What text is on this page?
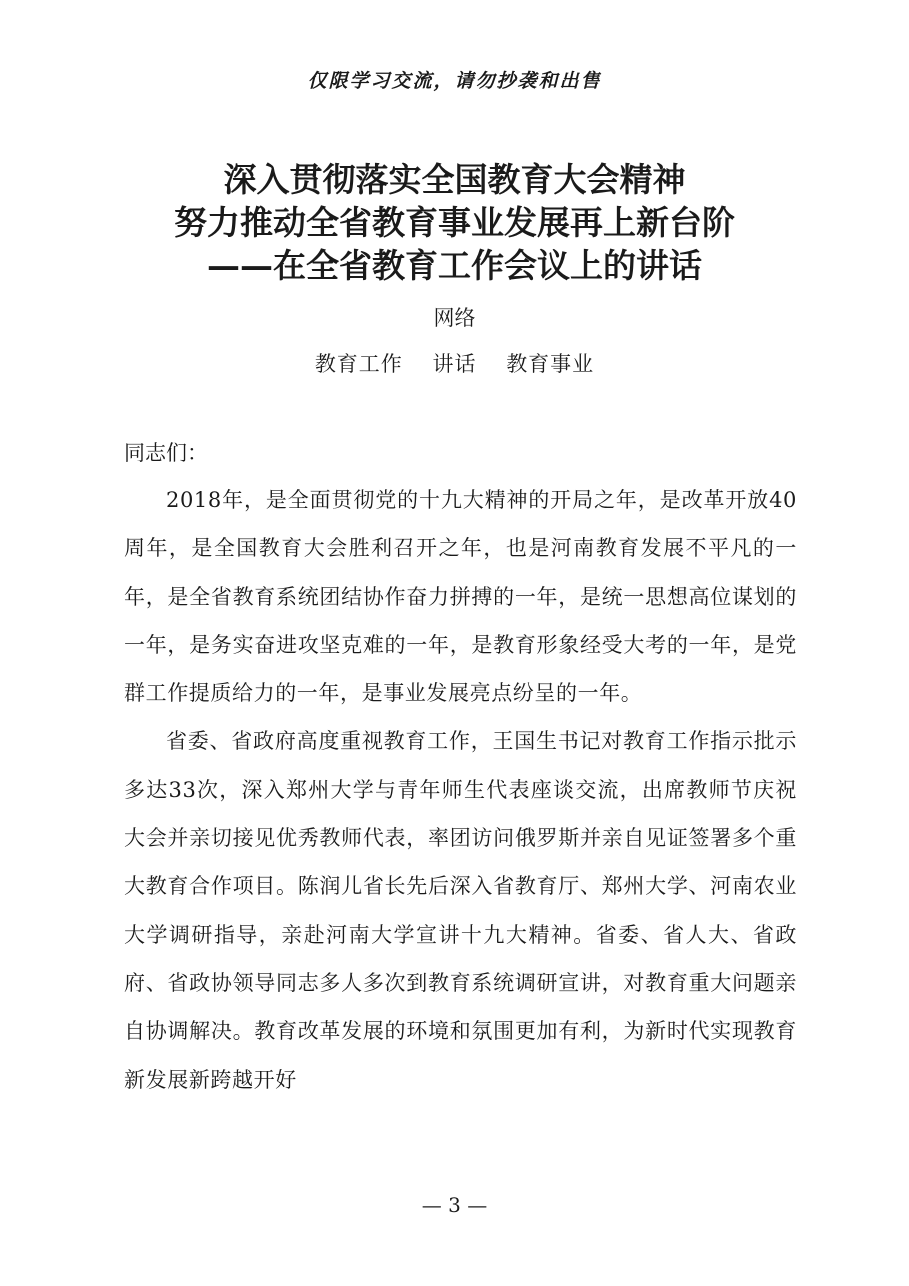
仅限学习交流，请勿抄袭和出售
深入贯彻落实全国教育大会精神
努力推动全省教育事业发展再上新台阶
——在全省教育工作会议上的讲话
网络
教育工作 讲话 教育事业
同志们：

2018年，是全面贯彻党的十九大精神的开局之年，是改革开放40周年，是全国教育大会胜利召开之年，也是河南教育发展不平凡的一年，是全省教育系统团结协作奋力拼搏的一年，是统一思想高位谋划的一年，是务实奋进攻坚克难的一年，是教育形象经受大考的一年，是党群工作提质给力的一年，是事业发展亮点纷呈的一年。

省委、省政府高度重视教育工作，王国生书记对教育工作指示批示多达33次，深入郑州大学与青年师生代表座谈交流，出席教师节庆祝大会并亲切接见优秀教师代表，率团访问俄罗斯并亲自见证签署多个重大教育合作项目。陈润儿省长先后深入省教育厅、郑州大学、河南农业大学调研指导，亲赴河南大学宣讲十九大精神。省委、省人大、省政府、省政协领导同志多人多次到教育系统调研宣讲，对教育重大问题亲自协调解决。教育改革发展的环境和氛围更加有利，为新时代实现教育新发展新跨越开好

— 3 —
